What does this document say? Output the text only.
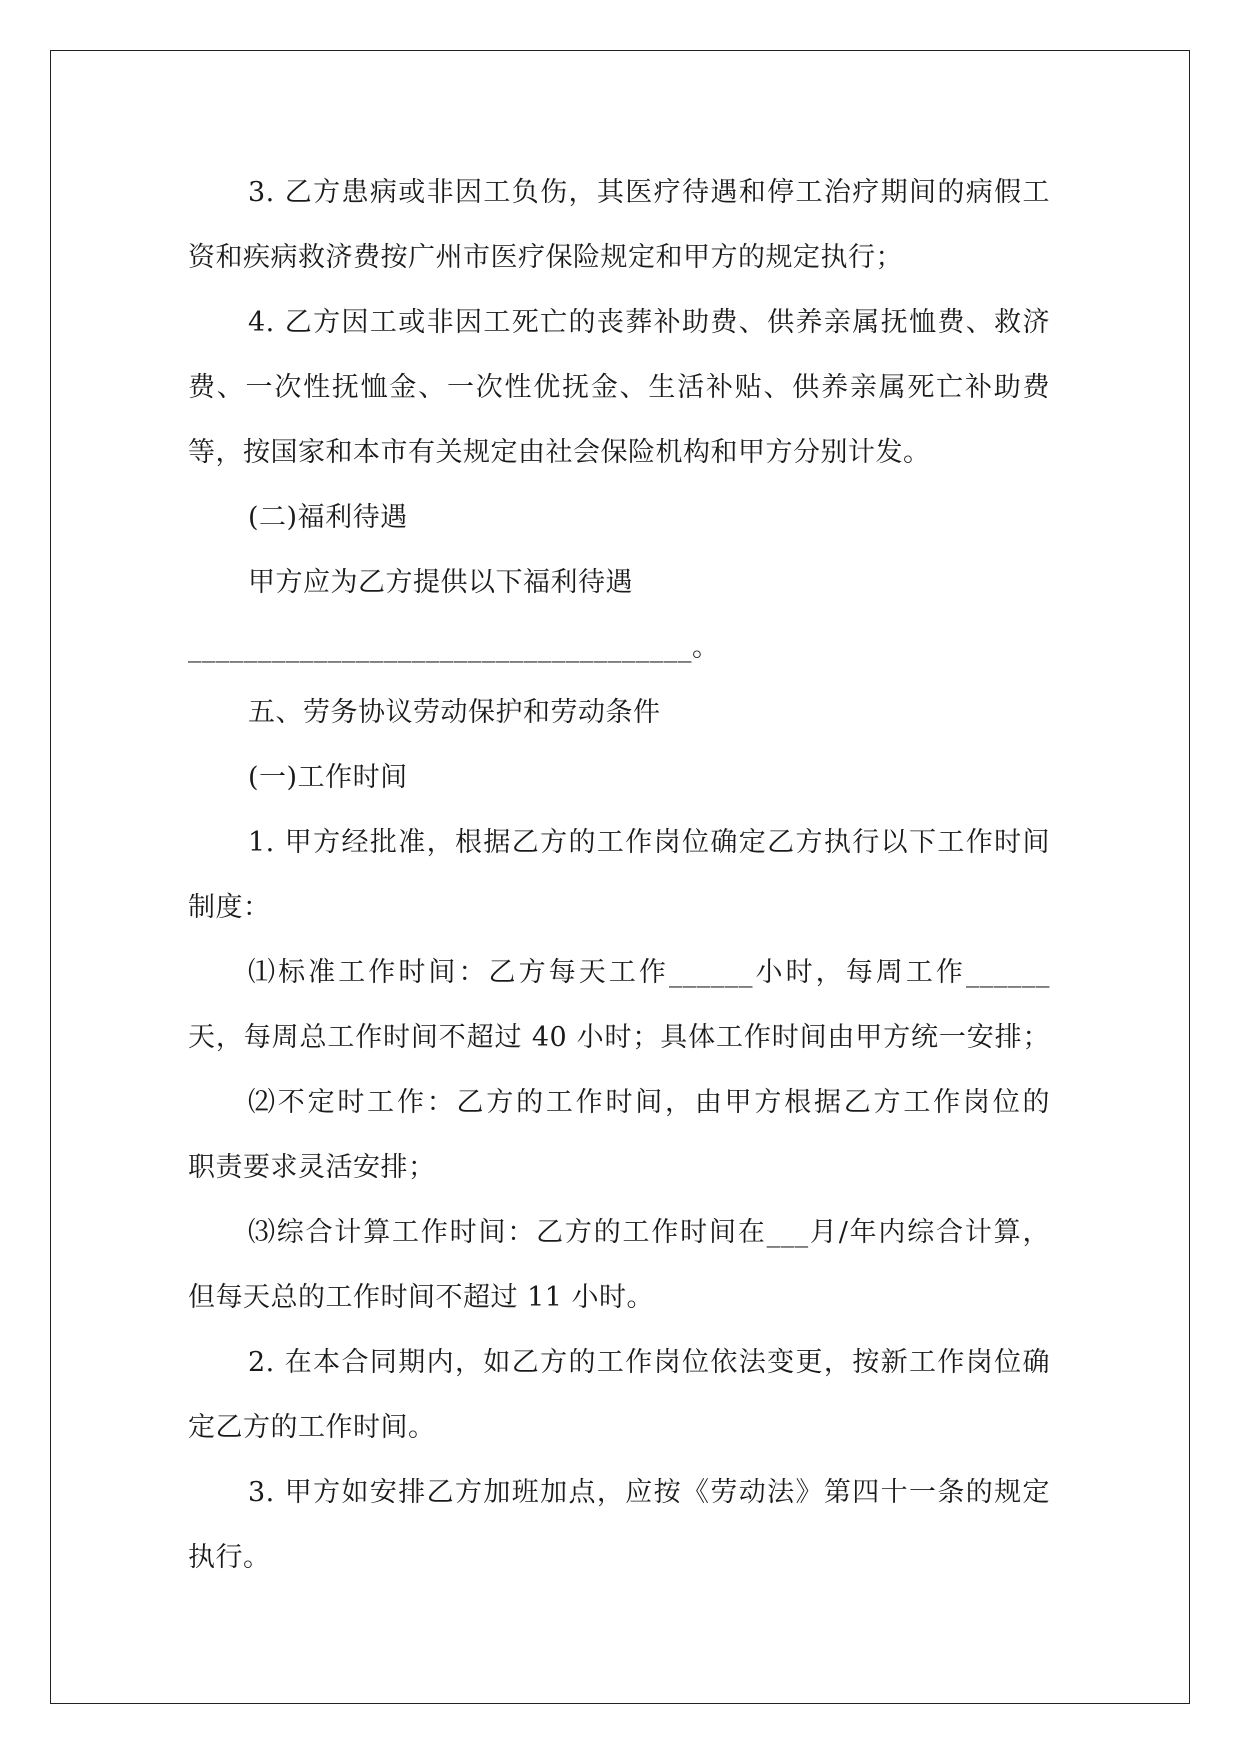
3. 乙方患病或非因工负伤，其医疗待遇和停工治疗期间的病假工
资和疾病救济费按广州市医疗保险规定和甲方的规定执行；
4. 乙方因工或非因工死亡的丧葬补助费、供养亲属抚恤费、救济
费、一次性抚恤金、一次性优抚金、生活补贴、供养亲属死亡补助费
等，按国家和本市有关规定由社会保险机构和甲方分别计发。
(二)福利待遇
甲方应为乙方提供以下福利待遇
____________________________________。
五、劳务协议劳动保护和劳动条件
(一)工作时间
1. 甲方经批准，根据乙方的工作岗位确定乙方执行以下工作时间
制度：
⑴标准工作时间：乙方每天工作______小时，每周工作______
天，每周总工作时间不超过 40 小时；具体工作时间由甲方统一安排；
⑵不定时工作：乙方的工作时间，由甲方根据乙方工作岗位的
职责要求灵活安排；
⑶综合计算工作时间：乙方的工作时间在___月/年内综合计算，
但每天总的工作时间不超过 11 小时。
2. 在本合同期内，如乙方的工作岗位依法变更，按新工作岗位确
定乙方的工作时间。
3. 甲方如安排乙方加班加点，应按《劳动法》第四十一条的规定
执行。
